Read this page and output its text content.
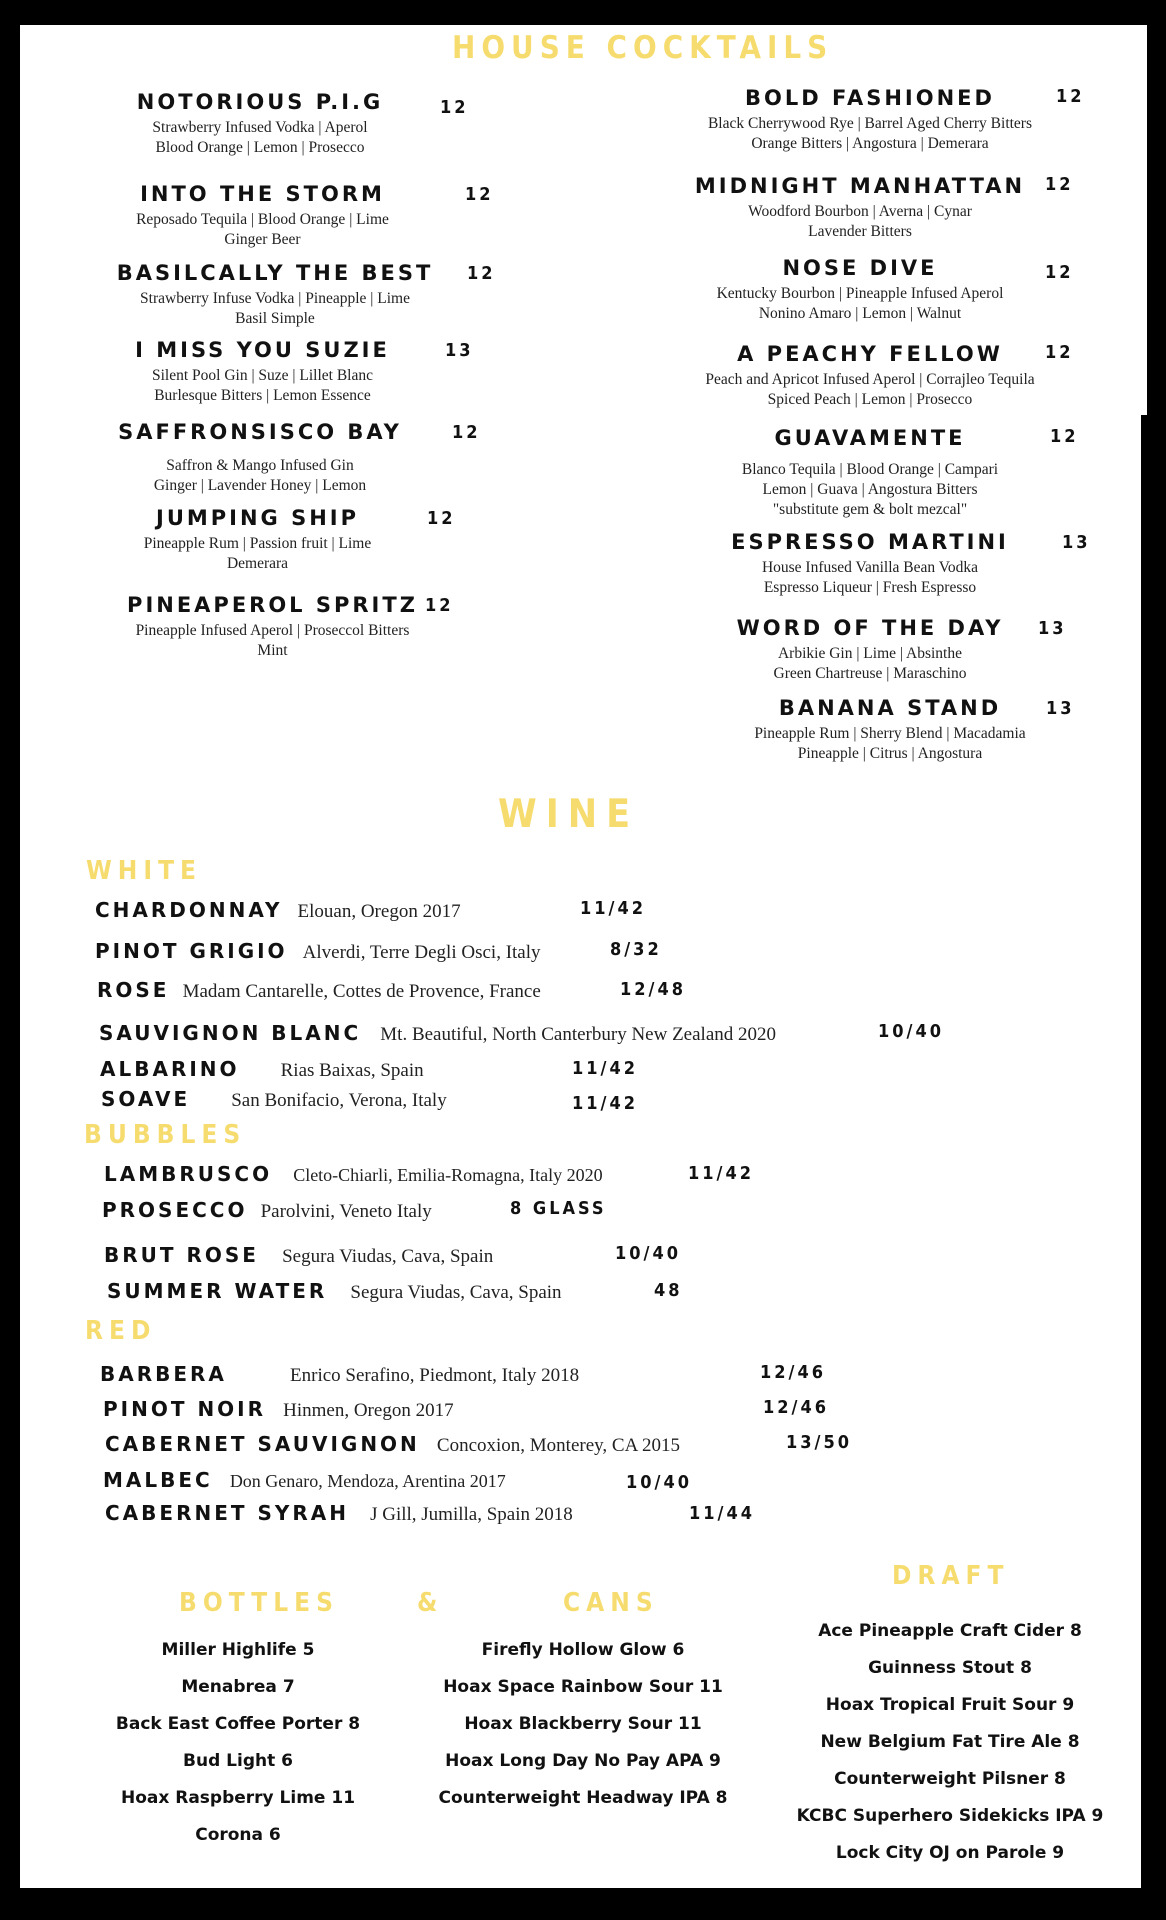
HOUSE COCKTAILS
NOTORIOUS P.I.G
Strawberry Infused Vodka | Aperol
Blood Orange | Lemon | Prosecco
12
INTO THE STORM
Reposado Tequila | Blood Orange | Lime
Ginger Beer
12
BASILCALLY THE BEST
Strawberry Infuse Vodka | Pineapple | Lime
Basil Simple
12
I MISS YOU SUZIE
Silent Pool Gin | Suze | Lillet Blanc
Burlesque Bitters | Lemon Essence
13
SAFFRONSISCO BAY
Saffron & Mango Infused Gin
Ginger | Lavender Honey | Lemon
12
JUMPING SHIP
Pineapple Rum | Passion fruit | Lime
Demerara
12
PINEAPEROL SPRITZ
Pineapple Infused Aperol | Proseccol Bitters
Mint
12
BOLD FASHIONED
Black Cherrywood Rye | Barrel Aged Cherry Bitters
Orange Bitters | Angostura | Demerara
12
MIDNIGHT MANHATTAN
Woodford Bourbon | Averna | Cynar
Lavender Bitters
12
NOSE DIVE
Kentucky Bourbon | Pineapple Infused Aperol
Nonino Amaro | Lemon | Walnut
12
A PEACHY FELLOW
Peach and Apricot Infused Aperol | Corrajleo Tequila
Spiced Peach | Lemon | Prosecco
12
GUAVAMENTE
Blanco Tequila | Blood Orange | Campari
Lemon | Guava | Angostura Bitters
"substitute gem & bolt mezcal"
12
ESPRESSO MARTINI
House Infused Vanilla Bean Vodka
Espresso Liqueur | Fresh Espresso
13
WORD OF THE DAY
Arbikie Gin | Lime | Absinthe
Green Chartreuse | Maraschino
13
BANANA STAND
Pineapple Rum | Sherry Blend | Macadamia
Pineapple | Citrus | Angostura
13
WINE
WHITE
CHARDONNAY Elouan, Oregon 2017	11/42
PINOT GRIGIO Alverdi, Terre Degli Osci, Italy	8/32
ROSE Madam Cantarelle, Cottes de Provence, France	12/48
SAUVIGNON BLANC Mt. Beautiful, North Canterbury New Zealand 2020	10/40
ALBARINO Rias Baixas, Spain	11/42
SOAVE San Bonifacio, Verona, Italy	11/42
BUBBLES
LAMBRUSCO Cleto-Chiarli, Emilia-Romagna, Italy 2020	11/42
PROSECCO Parolvini, Veneto Italy	8 GLASS
BRUT ROSE Segura Viudas, Cava, Spain	10/40
SUMMER WATER Segura Viudas, Cava, Spain	48
RED
BARBERA	Enrico Serafino, Piedmont, Italy 2018	12/46
PINOT NOIR Hinmen, Oregon 2017	12/46
CABERNET SAUVIGNON Concoxion, Monterey, CA 2015	13/50
MALBEC Don Genaro, Mendoza, Arentina 2017	10/40
CABERNET SYRAH J Gill, Jumilla, Spain 2018	11/44
BOTTLES	&	CANS
DRAFT
Miller Highlife 5
Menabrea 7
Back East Coffee Porter 8
Bud Light 6
Hoax Raspberry Lime 11
Corona 6
Firefly Hollow Glow 6
Hoax Space Rainbow Sour 11
Hoax Blackberry Sour 11
Hoax Long Day No Pay APA 9
Counterweight Headway IPA 8
Ace Pineapple Craft Cider 8
Guinness Stout 8
Hoax Tropical Fruit Sour 9
New Belgium Fat Tire Ale 8
Counterweight Pilsner 8
KCBC Superhero Sidekicks IPA 9
Lock City OJ on Parole 9
